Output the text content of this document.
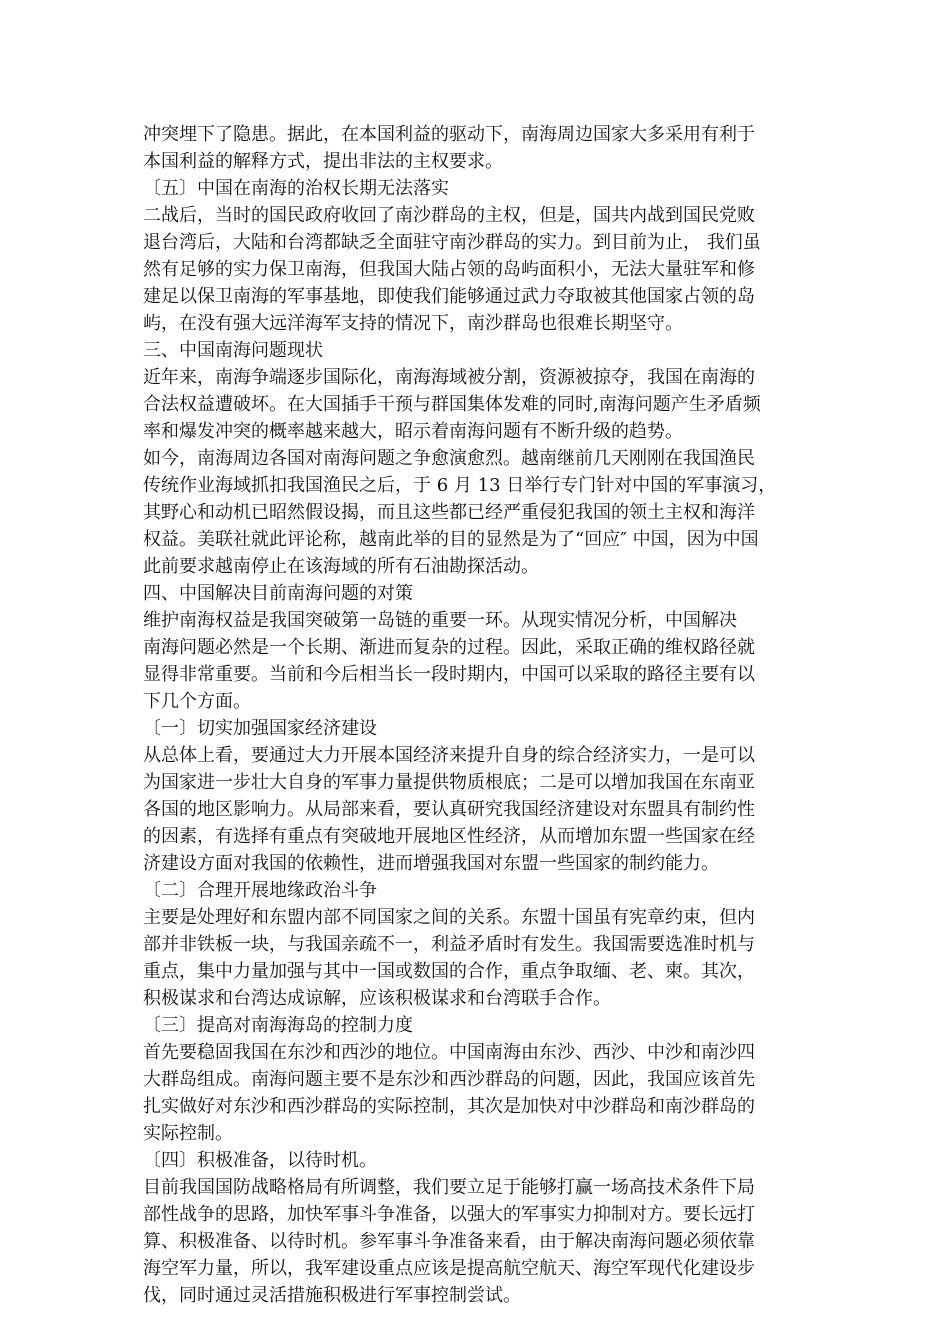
冲突埋下了隐患。据此，在本国利益的驱动下，南海周边国家大多采用有利于
本国利益的解释方式，提出非法的主权要求。
〔五〕中国在南海的治权长期无法落实
二战后，当时的国民政府收回了南沙群岛的主权，但是，国共内战到国民党败
退台湾后，大陆和台湾都缺乏全面驻守南沙群岛的实力。到目前为止， 我们虽
然有足够的实力保卫南海，但我国大陆占领的岛屿面积小，无法大量驻军和修
建足以保卫南海的军事基地，即使我们能够通过武力夺取被其他国家占领的岛
屿，在没有强大远洋海军支持的情况下，南沙群岛也很难长期坚守。
三、中国南海问题现状
近年来，南海争端逐步国际化，南海海域被分割，资源被掠夺，我国在南海的
合法权益遭破坏。在大国插手干预与群国集体发难的同时,南海问题产生矛盾频
率和爆发冲突的概率越来越大，昭示着南海问题有不断升级的趋势。
如今，南海周边各国对南海问题之争愈演愈烈。越南继前几天刚刚在我国渔民
传统作业海域抓扣我国渔民之后，于 6 月 13 日举行专门针对中国的军事演习，
其野心和动机已昭然假设揭，而且这些都已经严重侵犯我国的领土主权和海洋
权益。美联社就此评论称，越南此举的目的显然是为了“回应″ 中国，因为中国
此前要求越南停止在该海域的所有石油勘探活动。
四、中国解决目前南海问题的对策
维护南海权益是我国突破第一岛链的重要一环。从现实情况分析，中国解决
南海问题必然是一个长期、渐进而复杂的过程。因此，采取正确的维权路径就
显得非常重要。当前和今后相当长一段时期内，中国可以采取的路径主要有以
下几个方面。
〔一〕切实加强国家经济建设
从总体上看，要通过大力开展本国经济来提升自身的综合经济实力，一是可以
为国家进一步壮大自身的军事力量提供物质根底；二是可以增加我国在东南亚
各国的地区影响力。从局部来看，要认真研究我国经济建设对东盟具有制约性
的因素，有选择有重点有突破地开展地区性经济，从而增加东盟一些国家在经
济建设方面对我国的依赖性，进而增强我国对东盟一些国家的制约能力。
〔二〕合理开展地缘政治斗争
主要是处理好和东盟内部不同国家之间的关系。东盟十国虽有宪章约束，但内
部并非铁板一块，与我国亲疏不一，利益矛盾时有发生。我国需要选准时机与
重点，集中力量加强与其中一国或数国的合作，重点争取缅、老、柬。其次，
积极谋求和台湾达成谅解，应该积极谋求和台湾联手合作。
〔三〕提高对南海海岛的控制力度
首先要稳固我国在东沙和西沙的地位。中国南海由东沙、西沙、中沙和南沙四
大群岛组成。南海问题主要不是东沙和西沙群岛的问题，因此，我国应该首先
扎实做好对东沙和西沙群岛的实际控制，其次是加快对中沙群岛和南沙群岛的
实际控制。
〔四〕积极准备，以待时机。
目前我国国防战略格局有所调整，我们要立足于能够打赢一场高技术条件下局
部性战争的思路，加快军事斗争准备，以强大的军事实力抑制对方。要长远打
算、积极准备、以待时机。参军事斗争准备来看，由于解决南海问题必须依靠
海空军力量，所以，我军建设重点应该是提高航空航天、海空军现代化建设步
伐，同时通过灵活措施积极进行军事控制尝试。
